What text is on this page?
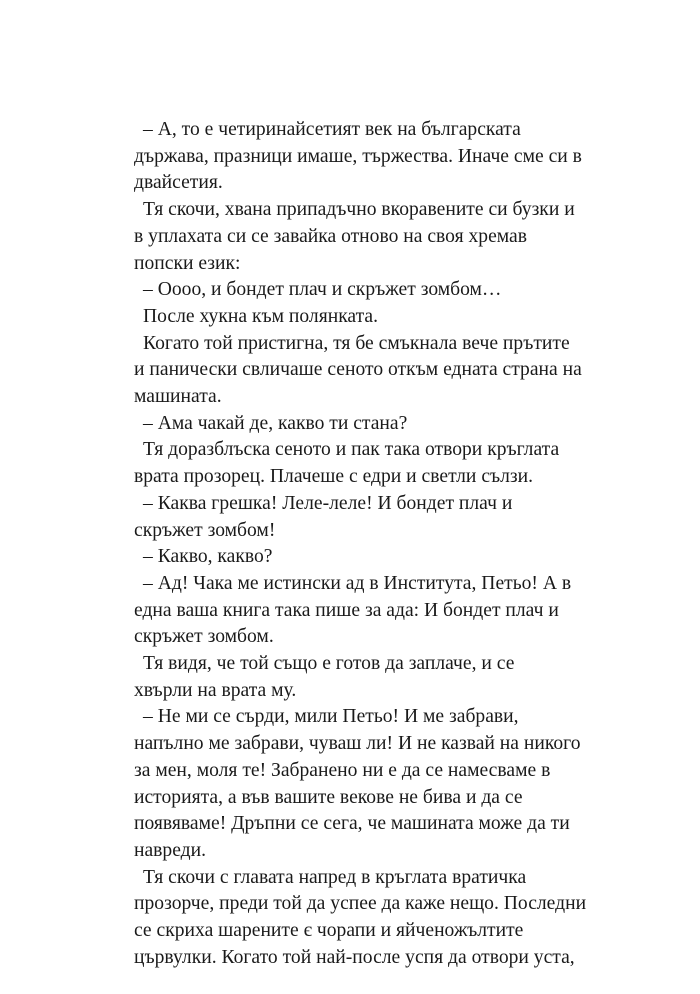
– А, то е четиринайсетият век на българската
държава, празници имаше, тържества. Иначе сме си в
двайсетия.
Тя скочи, хвана припадъчно вкоравените си бузки и
в уплахата си се завайка отново на своя хремав
попски език:
– Оооо, и бондет плач и скръжет зомбом…
После хукна към полянката.
Когато той пристигна, тя бе смъкнала вече прътите
и панически свличаше сеното откъм едната страна на
машината.
– Ама чакай де, какво ти стана?
Тя доразблъска сеното и пак така отвори кръглата
врата прозорец. Плачеше с едри и светли сълзи.
– Каква грешка! Леле-леле! И бондет плач и
скръжет зомбом!
– Какво, какво?
– Ад! Чака ме истински ад в Института, Петьо! А в
една ваша книга така пише за ада: И бондет плач и
скръжет зомбом.
Тя видя, че той също е готов да заплаче, и се
хвърли на врата му.
– Не ми се сърди, мили Петьо! И ме забрави,
напълно ме забрави, чуваш ли! И не казвай на никого
за мен, моля те! Забранено ни е да се намесваме в
историята, а във вашите векове не бива и да се
появяваме! Дръпни се сега, че машината може да ти
навреди.
Тя скочи с главата напред в кръглата вратичка
прозорче, преди той да успее да каже нещо. Последни
се скриха шарените є чорапи и яйченожълтите
цървулки. Когато той най-после успя да отвори уста,
